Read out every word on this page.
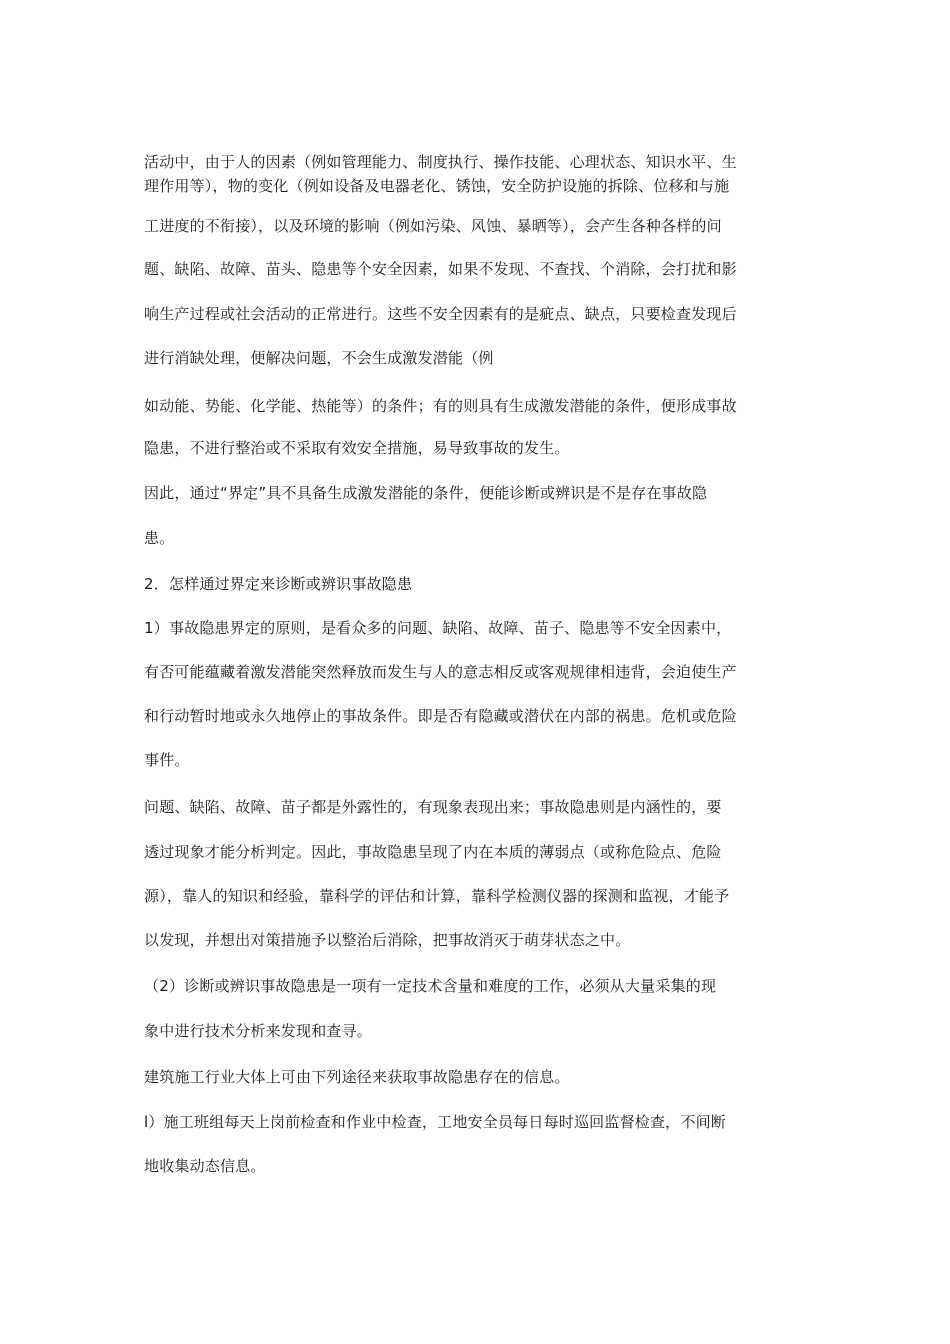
活动中，由于人的因素（例如管理能力、制度执行、操作技能、心理状态、知识水平、生
理作用等），物的变化（例如设备及电器老化、锈蚀，安全防护设施的拆除、位移和与施
工进度的不衔接），以及环境的影响（例如污染、风蚀、暴晒等），会产生各种各样的问
题、缺陷、故障、苗头、隐患等个安全因素，如果不发现、不查找、个消除，会打扰和影
响生产过程或社会活动的正常进行。这些不安全因素有的是疵点、缺点，只要检查发现后
进行消缺处理，便解决问题，不会生成激发潜能（例
如动能、势能、化学能、热能等）的条件；有的则具有生成激发潜能的条件，便形成事故
隐患，不进行整治或不采取有效安全措施，易导致事故的发生。
因此，通过“界定”具不具备生成激发潜能的条件，便能诊断或辨识是不是存在事故隐
患。
2．怎样通过界定来诊断或辨识事故隐患
1）事故隐患界定的原则，是看众多的问题、缺陷、故障、苗子、隐患等不安全因素中，
有否可能蕴藏着激发潜能突然释放而发生与人的意志相反或客观规律相违背，会迫使生产
和行动暂时地或永久地停止的事故条件。即是否有隐藏或潜伏在内部的祸患。危机或危险
事件。
问题、缺陷、故障、苗子都是外露性的，有现象表现出来；事故隐患则是内涵性的，要
透过现象才能分析判定。因此，事故隐患呈现了内在本质的薄弱点（或称危险点、危险
源），靠人的知识和经验，靠科学的评估和计算，靠科学检测仪器的探测和监视，才能予
以发现，并想出对策措施予以整治后消除，把事故消灭于萌芽状态之中。
（2）诊断或辨识事故隐患是一项有一定技术含量和难度的工作，必须从大量采集的现
象中进行技术分析来发现和查寻。
建筑施工行业大体上可由下列途径来获取事故隐患存在的信息。
l）施工班组每天上岗前检查和作业中检查，工地安全员每日每时巡回监督检查，不间断
地收集动态信息。
